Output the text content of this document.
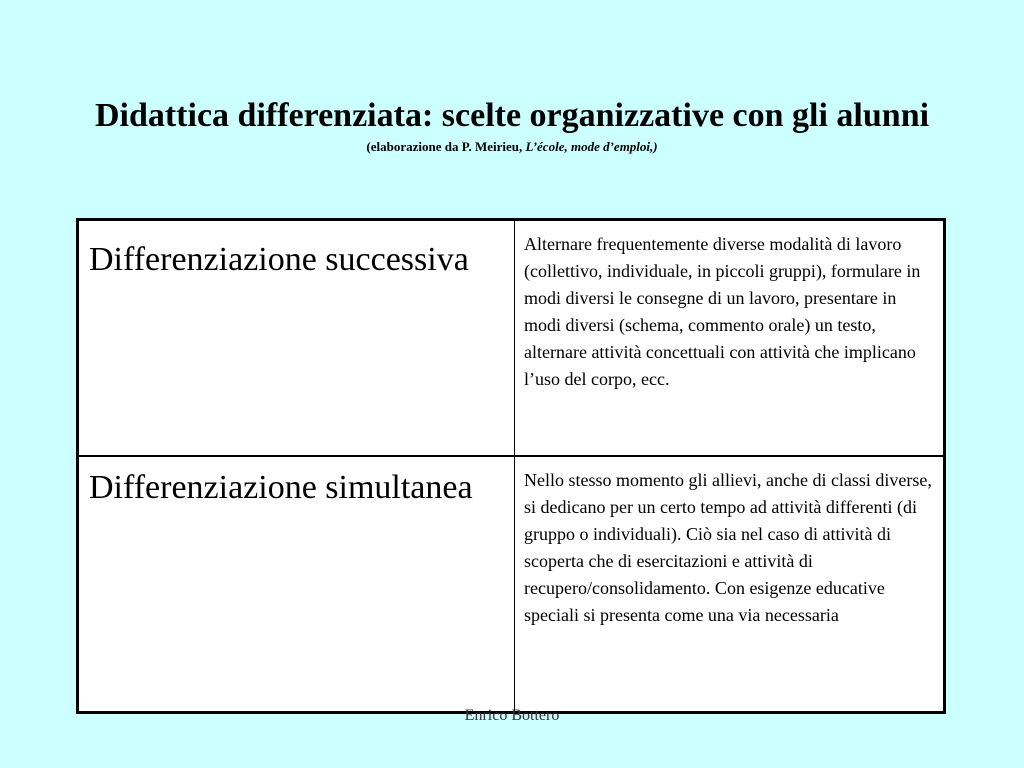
Didattica differenziata: scelte organizzative con gli alunni
(elaborazione da P. Meirieu, L’école, mode d’emploi,)
Differenziazione successiva	Alternare frequentemente diverse modalità di lavoro (collettivo, individuale, in piccoli gruppi), formulare in modi diversi le consegne di un lavoro, presentare in modi diversi (schema, commento orale) un testo, alternare attività concettuali con attività che implicano l’uso del corpo, ecc.
Differenziazione simultanea	Nello stesso momento gli allievi, anche di classi diverse, si dedicano per un certo tempo ad attività differenti (di gruppo o individuali). Ciò sia nel caso di attività di scoperta che di esercitazioni e attività di recupero/consolidamento. Con esigenze educative speciali si presenta come una via necessaria
Enrico Bottero
